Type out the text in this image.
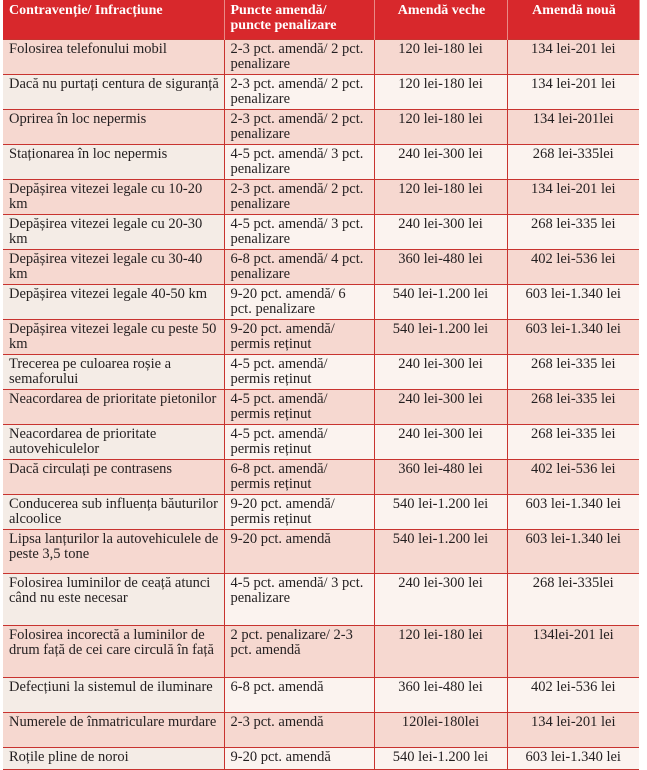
Contravenție/ Infracțiune	Puncte amendă/ puncte penalizare	Amendă veche	Amendă nouă
Folosirea telefonului mobil	2-3 pct. amendă/ 2 pct. penalizare	120 lei-180 lei	134 lei-201 lei
Dacă nu purtați centura de siguranță	2-3 pct. amendă/ 2 pct. penalizare	120 lei-180 lei	134 lei-201 lei
Oprirea în loc nepermis	2-3 pct. amendă/ 2 pct. penalizare	120 lei-180 lei	134 lei-201lei
Staționarea în loc nepermis	4-5 pct. amendă/ 3 pct. penalizare	240 lei-300 lei	268 lei-335lei
Depășirea vitezei legale cu 10-20 km	2-3 pct. amendă/ 2 pct. penalizare	120 lei-180 lei	134 lei-201 lei
Depășirea vitezei legale cu 20-30 km	4-5 pct. amendă/ 3 pct. penalizare	240 lei-300 lei	268 lei-335 lei
Depășirea vitezei legale cu 30-40 km	6-8 pct. amendă/ 4 pct. penalizare	360 lei-480 lei	402 lei-536 lei
Depășirea vitezei legale 40-50 km	9-20 pct. amendă/ 6 pct. penalizare	540 lei-1.200 lei	603 lei-1.340 lei
Depășirea vitezei legale cu peste 50 km	9-20 pct. amendă/ permis reținut	540 lei-1.200 lei	603 lei-1.340 lei
Trecerea pe culoarea roșie a semaforului	4-5 pct. amendă/ permis reținut	240 lei-300 lei	268 lei-335 lei
Neacordarea de prioritate pietonilor	4-5 pct. amendă/ permis reținut	240 lei-300 lei	268 lei-335 lei
Neacordarea de prioritate autovehiculelor	4-5 pct. amendă/ permis reținut	240 lei-300 lei	268 lei-335 lei
Dacă circulați pe contrasens	6-8 pct. amendă/ permis reținut	360 lei-480 lei	402 lei-536 lei
Conducerea sub influența băuturilor alcoolice	9-20 pct. amendă/ permis reținut	540 lei-1.200 lei	603 lei-1.340 lei
Lipsa lanțurilor la autovehiculele de peste 3,5 tone	9-20 pct. amendă	540 lei-1.200 lei	603 lei-1.340 lei
Folosirea luminilor de ceață atunci când nu este necesar	4-5 pct. amendă/ 3 pct. penalizare	240 lei-300 lei	268 lei-335lei
Folosirea incorectă a luminilor de drum față de cei care circulă în față	2 pct. penalizare/ 2-3 pct. amendă	120 lei-180 lei	134lei-201 lei
Defecțiuni la sistemul de iluminare	6-8 pct. amendă	360 lei-480 lei	402 lei-536 lei
Numerele de înmatriculare murdare	2-3 pct. amendă	120lei-180lei	134 lei-201 lei
Roțile pline de noroi	9-20 pct. amendă	540 lei-1.200 lei	603 lei-1.340 lei
